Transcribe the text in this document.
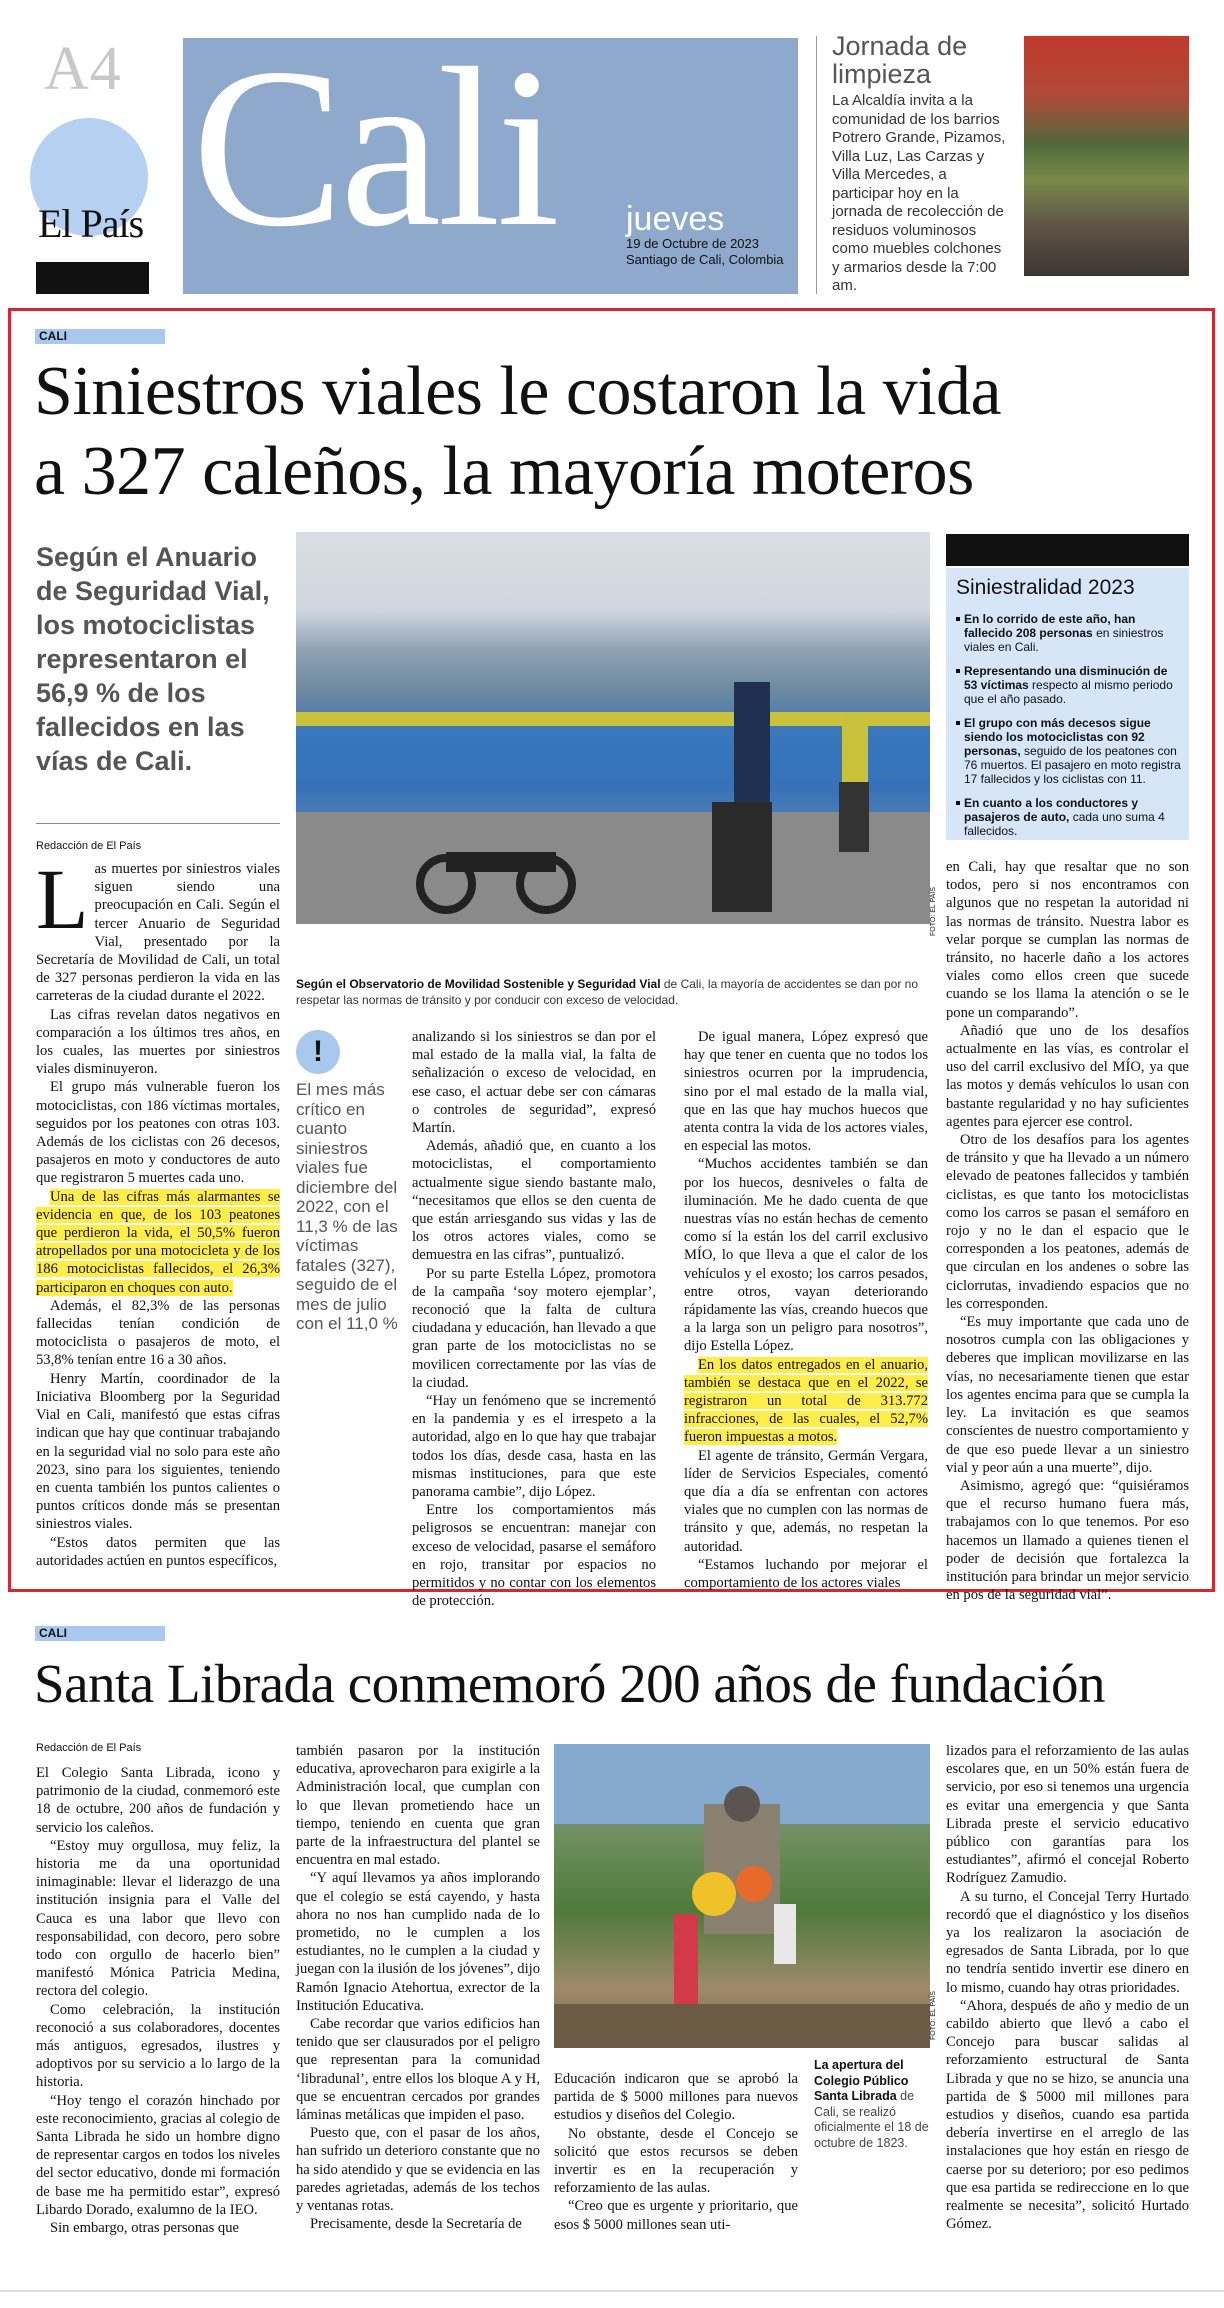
A4
El País Cali jueves
19 de Octubre de 2023
Santiago de Cali, Colombia
Jornada de limpieza
La Alcaldía invita a la comunidad de los barrios Potrero Grande, Pizamos, Villa Luz, Las Carzas y Villa Mercedes, a participar hoy en la jornada de recolección de residuos voluminosos como muebles colchones y armarios desde la 7:00 am.
CALI
Siniestros viales le costaron la vida
a 327 caleños, la mayoría moteros
Según el Anuario de Seguridad Vial, los motociclistas representaron el 56,9 % de los fallecidos en las vías de Cali.
Redacción de El País
FOTO: EL PAÍS
Según el Observatorio de Movilidad Sostenible y Seguridad Vial de Cali, la mayoría de accidentes se dan por no respetar las normas de tránsito y por conducir con exceso de velocidad.
Siniestralidad 2023
En lo corrido de este año, han fallecido 208 personas en siniestros viales en Cali.
Representando una disminución de 53 víctimas respecto al mismo periodo que el año pasado.
El grupo con más decesos sigue siendo los motociclistas con 92 personas, seguido de los peatones con 76 muertos. El pasajero en moto registra 17 fallecidos y los ciclistas con 11.
En cuanto a los conductores y pasajeros de auto, cada uno suma 4 fallecidos.

Las muertes por siniestros viales siguen siendo una preocupación en Cali. Según el tercer Anuario de Seguridad Vial, presentado por la Secretaría de Movilidad de Cali, un total de 327 personas perdieron la vida en las carreteras de la ciudad durante el 2022.

Las cifras revelan datos negativos en comparación a los últimos tres años, en los cuales, las muertes por siniestros viales disminuyeron.

El grupo más vulnerable fueron los motociclistas, con 186 víctimas mortales, seguidos por los peatones con otras 103. Además de los ciclistas con 26 decesos, pasajeros en moto y conductores de auto que registraron 5 muertes cada uno.

Una de las cifras más alarmantes se evidencia en que, de los 103 peatones que perdieron la vida, el 50,5% fueron atropellados por una motocicleta y de los 186 motociclistas fallecidos, el 26,3% participaron en choques con auto.

Además, el 82,3% de las personas fallecidas tenían condición de motociclista o pasajeros de moto, el 53,8% tenían entre 16 a 30 años.

Henry Martín, coordinador de la Iniciativa Bloomberg por la Seguridad Vial en Cali, manifestó que estas cifras indican que hay que continuar trabajando en la seguridad vial no solo para este año 2023, sino para los siguientes, teniendo en cuenta también los puntos calientes o puntos críticos donde más se presentan siniestros viales.

“Estos datos permiten que las autoridades actúen en puntos específicos,

!
El mes más crítico en cuanto siniestros viales fue diciembre del 2022, con el 11,3 % de las víctimas fatales (327), seguido de el mes de julio con el 11,0 %

analizando si los siniestros se dan por el mal estado de la malla vial, la falta de señalización o exceso de velocidad, en ese caso, el actuar debe ser con cámaras o controles de seguridad”, expresó Martín.

Además, añadió que, en cuanto a los motociclistas, el comportamiento actualmente sigue siendo bastante malo, “necesitamos que ellos se den cuenta de que están arriesgando sus vidas y las de los otros actores viales, como se demuestra en las cifras”, puntualizó.

Por su parte Estella López, promotora de la campaña ‘soy motero ejemplar’, reconoció que la falta de cultura ciudadana y educación, han llevado a que gran parte de los motociclistas no se movilicen correctamente por las vías de la ciudad.

“Hay un fenómeno que se incrementó en la pandemia y es el irrespeto a la autoridad, algo en lo que hay que trabajar todos los días, desde casa, hasta en las mismas instituciones, para que este panorama cambie”, dijo López.

Entre los comportamientos más peligrosos se encuentran: manejar con exceso de velocidad, pasarse el semáforo en rojo, transitar por espacios no permitidos y no contar con los elementos de protección.

De igual manera, López expresó que hay que tener en cuenta que no todos los siniestros ocurren por la imprudencia, sino por el mal estado de la malla vial, que en las que hay muchos huecos que atenta contra la vida de los actores viales, en especial las motos.

“Muchos accidentes también se dan por los huecos, desniveles o falta de iluminación. Me he dado cuenta de que nuestras vías no están hechas de cemento como sí la están los del carril exclusivo MÍO, lo que lleva a que el calor de los vehículos y el exosto; los carros pesados, entre otros, vayan deteriorando rápidamente las vías, creando huecos que a la larga son un peligro para nosotros”, dijo Estella López.

En los datos entregados en el anuario, también se destaca que en el 2022, se registraron un total de 313.772 infracciones, de las cuales, el 52,7% fueron impuestas a motos.

El agente de tránsito, Germán Vergara, líder de Servicios Especiales, comentó que día a día se enfrentan con actores viales que no cumplen con las normas de tránsito y que, además, no respetan la autoridad.

“Estamos luchando por mejorar el comportamiento de los actores viales

en Cali, hay que resaltar que no son todos, pero si nos encontramos con algunos que no respetan la autoridad ni las normas de tránsito. Nuestra labor es velar porque se cumplan las normas de tránsito, no hacerle daño a los actores viales como ellos creen que sucede cuando se los llama la atención o se le pone un comparando”.

Añadió que uno de los desafíos actualmente en las vías, es controlar el uso del carril exclusivo del MÍO, ya que las motos y demás vehículos lo usan con bastante regularidad y no hay suficientes agentes para ejercer ese control.

Otro de los desafíos para los agentes de tránsito y que ha llevado a un número elevado de peatones fallecidos y también ciclistas, es que tanto los motociclistas como los carros se pasan el semáforo en rojo y no le dan el espacio que le corresponden a los peatones, además de que circulan en los andenes o sobre las ciclorrutas, invadiendo espacios que no les corresponden.

“Es muy importante que cada uno de nosotros cumpla con las obligaciones y deberes que implican movilizarse en las vías, no necesariamente tienen que estar los agentes encima para que se cumpla la ley. La invitación es que seamos conscientes de nuestro comportamiento y de que eso puede llevar a un siniestro vial y peor aún a una muerte”, dijo.

Asimismo, agregó que: “quisiéramos que el recurso humano fuera más, trabajamos con lo que tenemos. Por eso hacemos un llamado a quienes tienen el poder de decisión que fortalezca la institución para brindar un mejor servicio en pos de la seguridad vial”.

CALI
Santa Librada conmemoró 200 años de fundación
Redacción de El País

El Colegio Santa Librada, icono y patrimonio de la ciudad, conmemoró este 18 de octubre, 200 años de fundación y servicio los caleños.

“Estoy muy orgullosa, muy feliz, la historia me da una oportunidad inimaginable: llevar el liderazgo de una institución insignia para el Valle del Cauca es una labor que llevo con responsabilidad, con decoro, pero sobre todo con orgullo de hacerlo bien” manifestó Mónica Patricia Medina, rectora del colegio.

Como celebración, la institución reconoció a sus colaboradores, docentes más antiguos, egresados, ilustres y adoptivos por su servicio a lo largo de la historia.

“Hoy tengo el corazón hinchado por este reconocimiento, gracias al colegio de Santa Librada he sido un hombre digno de representar cargos en todos los niveles del sector educativo, donde mi formación de base me ha permitido estar”, expresó Libardo Dorado, exalumno de la IEO.

Sin embargo, otras personas que

también pasaron por la institución educativa, aprovecharon para exigirle a la Administración local, que cumplan con lo que llevan prometiendo hace un tiempo, teniendo en cuenta que gran parte de la infraestructura del plantel se encuentra en mal estado.

“Y aquí llevamos ya años implorando que el colegio se está cayendo, y hasta ahora no nos han cumplido nada de lo prometido, no le cumplen a los estudiantes, no le cumplen a la ciudad y juegan con la ilusión de los jóvenes”, dijo Ramón Ignacio Atehortua, exrector de la Institución Educativa.

Cabe recordar que varios edificios han tenido que ser clausurados por el peligro que representan para la comunidad ‘libradunal’, entre ellos los bloque A y H, que se encuentran cercados por grandes láminas metálicas que impiden el paso.

Puesto que, con el pasar de los años, han sufrido un deterioro constante que no ha sido atendido y que se evidencia en las paredes agrietadas, además de los techos y ventanas rotas.

Precisamente, desde la Secretaría de

FOTO: EL PAÍS
La apertura del Colegio Público Santa Librada de Cali, se realizó oficialmente el 18 de octubre de 1823.

Educación indicaron que se aprobó la partida de $ 5000 millones para nuevos estudios y diseños del Colegio.

No obstante, desde el Concejo se solicitó que estos recursos se deben invertir es en la recuperación y reforzamiento de las aulas.

“Creo que es urgente y prioritario, que esos $ 5000 millones sean uti-

lizados para el reforzamiento de las aulas escolares que, en un 50% están fuera de servicio, por eso si tenemos una urgencia es evitar una emergencia y que Santa Librada preste el servicio educativo público con garantías para los estudiantes”, afirmó el concejal Roberto Rodríguez Zamudio.

A su turno, el Concejal Terry Hurtado recordó que el diagnóstico y los diseños ya los realizaron la asociación de egresados de Santa Librada, por lo que no tendría sentido invertir ese dinero en lo mismo, cuando hay otras prioridades.

“Ahora, después de año y medio de un cabildo abierto que llevó a cabo el Concejo para buscar salidas al reforzamiento estructural de Santa Librada y que no se hizo, se anuncia una partida de $ 5000 mil millones para estudios y diseños, cuando esa partida debería invertirse en el arreglo de las instalaciones que hoy están en riesgo de caerse por su deterioro; por eso pedimos que esa partida se redireccione en lo que realmente se necesita”, solicitó Hurtado Gómez.
